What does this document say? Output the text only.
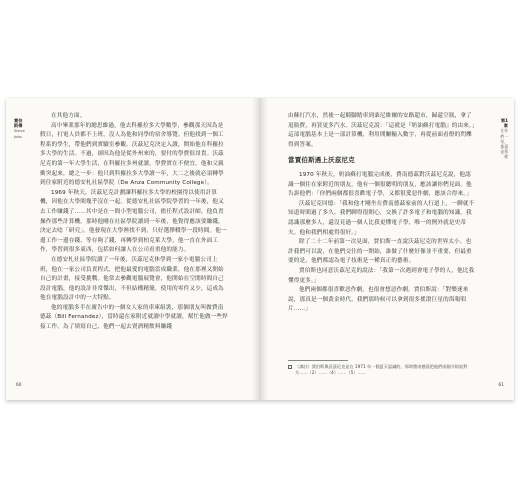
賈伯斯傳
Steve Jobs

在其他方面。

高中畢業那年的總思維過，他去科羅拉多大學數學，參觀那天因為是假日，打電人員都不上班，沒人為他和同學的宿舍導覽。但他找到一個工程系的學生，帶他們到實驗室參觀。沃茲尼克決定入讀，開始他在科羅拉多大學的生活。不過，卻因為他是從外州來的，要付的學費很昂貴。沃茲尼克的第一年大學生活，在科羅拉多州就讀，學費實在不便宜。他和父親衝突起來，總之一步：他只到科羅拉多大學讀一年，大二之後就必須轉學到住家附近的德安札社區學院（De Anza Community College）。

1969 年秋天，沃茲尼克計劃讓科羅拉多大學的校園得以使用計算機，因他在大學間幾乎沒在一起。從德安札社區學院學習的一年後，他又去工作賺錢了……其中是在一間小型電腦公司，擔任程式設計師，他負責操作那些計算機。那時他剛在社區學院讀到一年後，他覺得應該要賺錢，決定去唸「研究」，他發現在大學裡找不到，只好選擇輟學一段時間。他一邊工作一邊存錢，等存夠了錢，再轉學到柏克萊大學，他一直在外面工作，學習到很多東西，包括如何讓人在公司看重他的能力。

在德安札社區學院讀了一年後，沃茲尼克休學到一家小電腦公司上班，他在一家公司負責程式，把他最愛的電腦當成職業，他在那裡又開始自己的計畫，接受挑戰。他常去參觀電腦展覽會，他開始在空閒時間自己設計電腦，他的設計非常傑出，不但結構精簡，使用的零件又少，這成為他在電腦設計中的一大特點。

他的電腦多半在廣告中的一個女人家的車庫組裝，那個朋友叫做費南德茲（Bill Fernandez），當時還在家附近就讀中學就讀，幫忙他做一些焊接工作。為了填寫自己，他們一起去賣酒精飲料賺錢

60
第1章
在你們一家，都還是那樣

由蘇打汽水，然後一起騎腳踏車到桑尼維爾的安路超市，歸還空瓶，拿了退瓶費，再買更多汽水。沃茲尼克說：「這就是『奶油蘇打電腦』的由來。」這部電腦基本上是一部計算機，利用開關輸入數字，再從前面看燈的閃爍得到答案。

當賈伯斯遇上沃茲尼克

1970 年秋天，奶油蘇打電腦完成後，費南德茲對沃茲尼克說，他認識一個住在家附近的朋友，他有一個很聰明的朋友，應該讓你們見面。他告訴他們：「你們兩個都很喜歡電子學，又都很愛惡作劇，應該合得來。」

沃茲尼克回憶：「我和他才剛坐在費南德茲家前的人行道上，一聊就不知道時間過了多久，我們聊得很開心，交換了許多電子和電腦的知識。我認識那麼多人，還沒見過一個人比我更懂電子學，唯一的例外就是史蒂夫。他和我們相處得很好。」

除了二十二年前第一次見面，賈伯斯一直說沃茲尼克的世界太小。也許我們可以說，在他們交往的一開始，誰做了什麼好像並不重要，但最重要的是，他們都認為電子技術是一種真正的藝術。

賈伯斯也同意沃茲尼克的說法：「我第一次遇到會電子學的人，他比我懂得更多。」

他們兩個都很喜歡惡作劇，也很會想惡作劇。賈伯斯說：「對樂迷來說，那真是一個黃金時代。我們那時候可以拿到很多搖滾巨星的海報唱片……」

（譯註）賈伯斯與沃茲尼克是在 1971 年一個夏天認識的，那時費南德茲把他們兩個介紹給對方……（2）……（4）……（5）……
61
